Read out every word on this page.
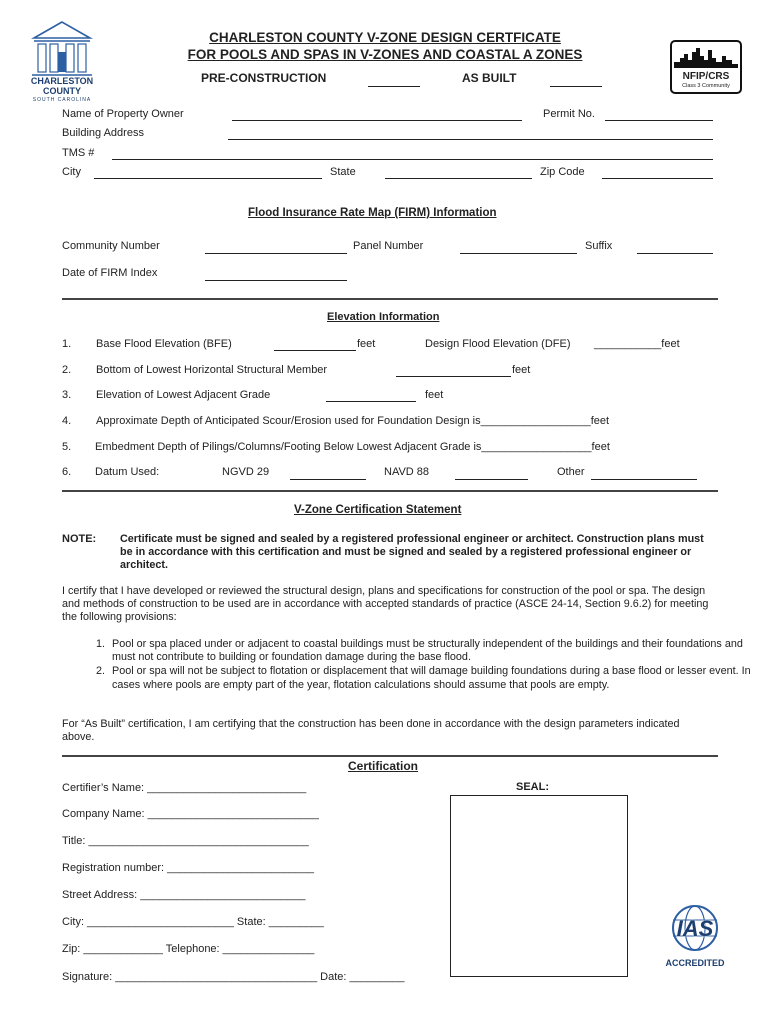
CHARLESTON
COUNTY
SOUTH CAROLINA
NFIP/CRS
Class 3 Community
CHARLESTON COUNTY V-ZONE DESIGN CERTFICATE
FOR POOLS AND SPAS IN V-ZONES AND COASTAL A ZONES
PRE-CONSTRUCTION	AS BUILT
Name of Property Owner	Permit No.
Building Address
TMS #
City	State	Zip Code
Flood Insurance Rate Map (FIRM) Information
Community Number	Panel Number	Suffix
Date of FIRM Index
Elevation Information
1. Base Flood Elevation (BFE)	feet	Design Flood Elevation (DFE) ___________feet
2. Bottom of Lowest Horizontal Structural Member	feet
3. Elevation of Lowest Adjacent Grade	feet
4. Approximate Depth of Anticipated Scour/Erosion used for Foundation Design is__________________feet
5. Embedment Depth of Pilings/Columns/Footing Below Lowest Adjacent Grade is__________________feet
6. Datum Used:	NGVD 29	NAVD 88	Other
V-Zone Certification Statement
NOTE: Certificate must be signed and sealed by a registered professional engineer or architect. Construction plans must be in accordance with this certification and must be signed and sealed by a registered professional engineer or architect.
I certify that I have developed or reviewed the structural design, plans and specifications for construction of the pool or spa. The design and methods of construction to be used are in accordance with accepted standards of practice (ASCE 24-14, Section 9.6.2) for meeting the following provisions:
1. Pool or spa placed under or adjacent to coastal buildings must be structurally independent of the buildings and their foundations and must not contribute to building or foundation damage during the base flood.
2. Pool or spa will not be subject to flotation or displacement that will damage building foundations during a base flood or lesser event. In cases where pools are empty part of the year, flotation calculations should assume that pools are empty.
For “As Built” certification, I am certifying that the construction has been done in accordance with the design parameters indicated above.
Certification
SEAL:
Certifier’s Name: __________________________
Company Name: ____________________________
Title: ____________________________________
Registration number: ________________________
Street Address: ___________________________
City: ________________________ State: _________
Zip: _____________ Telephone: _______________
Signature: _________________________________ Date: _________
IAS
ACCREDITED
